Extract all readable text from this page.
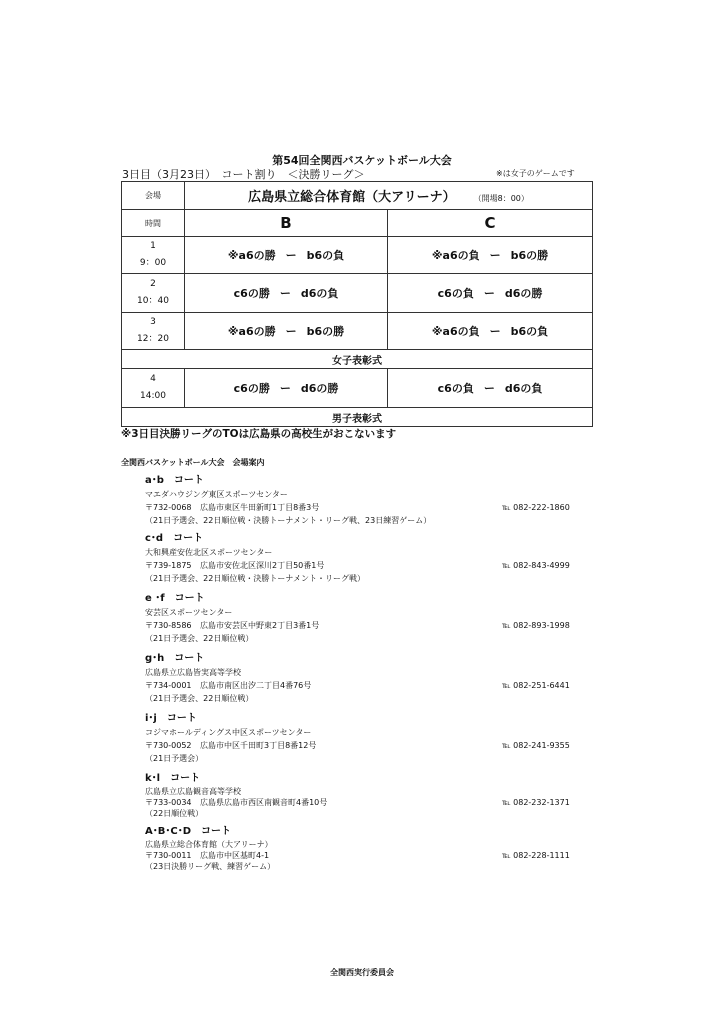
第54回全関西バスケットボール大会
3日目（3月23日）　コート割り　＜決勝リーグ＞	※は女子のゲームです
会場	広島県立総合体育館（大アリーナ） （開場8：00）	
時間	B	C

1
9：00	※a6の勝 ー b6の負	※a6の負 ー b6の勝

2
10：40	c6の勝 ー d6の負	c6の負 ー d6の勝

3
12：20	※a6の勝 ー b6の勝	※a6の負 ー b6の負
女子表彰式		

4
14:00	c6の勝 ー d6の勝	c6の負 ー d6の負
男子表彰式		
※3日目決勝リーグのTOは広島県の高校生がおこないます
全関西バスケットボール大会　会場案内
a･b　コート
マエダハウジング東区スポーツセンター
〒732-0068 広島市東区牛田新町1丁目8番3号	℡ 082-222-1860
（21日予選会、22日順位戦・決勝トーナメント・リーグ戦、23日練習ゲーム）
c･d　コート
大和興産安佐北区スポーツセンター
〒739-1875 広島市安佐北区深川2丁目50番1号	℡ 082-843-4999
（21日予選会、22日順位戦・決勝トーナメント・リーグ戦）
e ･f　コート
安芸区スポーツセンター
〒730-8586 広島市安芸区中野東2丁目3番1号	℡ 082-893-1998
（21日予選会、22日順位戦）
g･h　コート
広島県立広島皆実高等学校
〒734-0001 広島市南区出汐二丁目4番76号	℡ 082-251-6441
（21日予選会、22日順位戦）
i･j　コート
コジマホールディングス中区スポーツセンター
〒730-0052 広島市中区千田町3丁目8番12号	℡ 082-241-9355
（21日予選会）
k･l　コート
広島県立広島観音高等学校
〒733-0034 広島県広島市西区南観音町4番10号	℡ 082-232-1371
（22日順位戦）
A･B･C･D　コート
広島県立総合体育館（大アリーナ）
〒730-0011 広島市中区基町4-1	℡ 082-228-1111
（23日決勝リーグ戦、練習ゲーム）
全関西実行委員会
